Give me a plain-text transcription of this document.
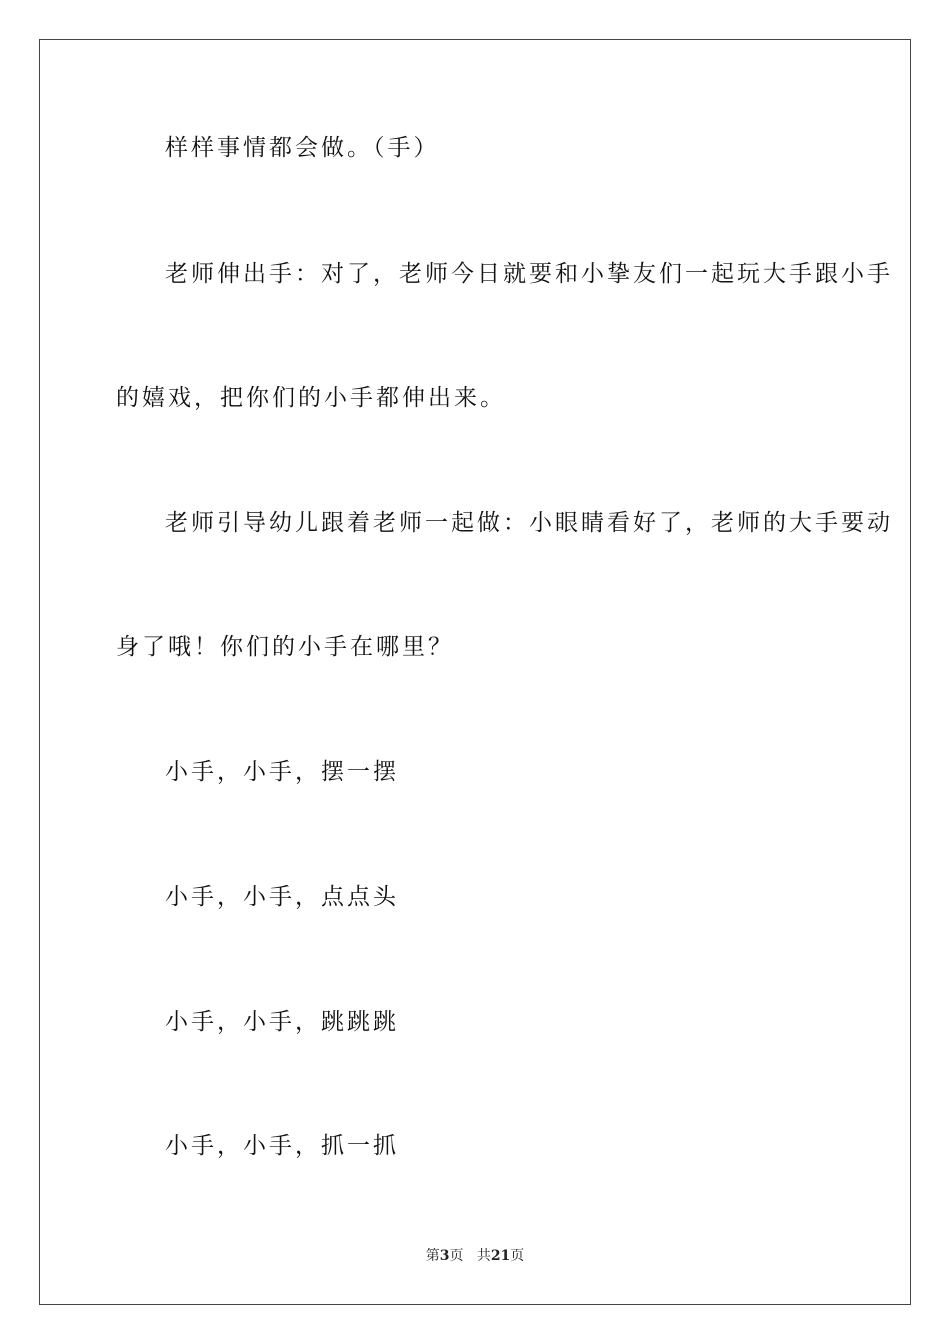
样样事情都会做。（手）
老师伸出手：对了，老师今日就要和小挚友们一起玩大手跟小手
的嬉戏，把你们的小手都伸出来。
老师引导幼儿跟着老师一起做：小眼睛看好了，老师的大手要动
身了哦！你们的小手在哪里？
小手，小手，摆一摆
小手，小手，点点头
小手，小手，跳跳跳
小手，小手，抓一抓
第3页 共21页
